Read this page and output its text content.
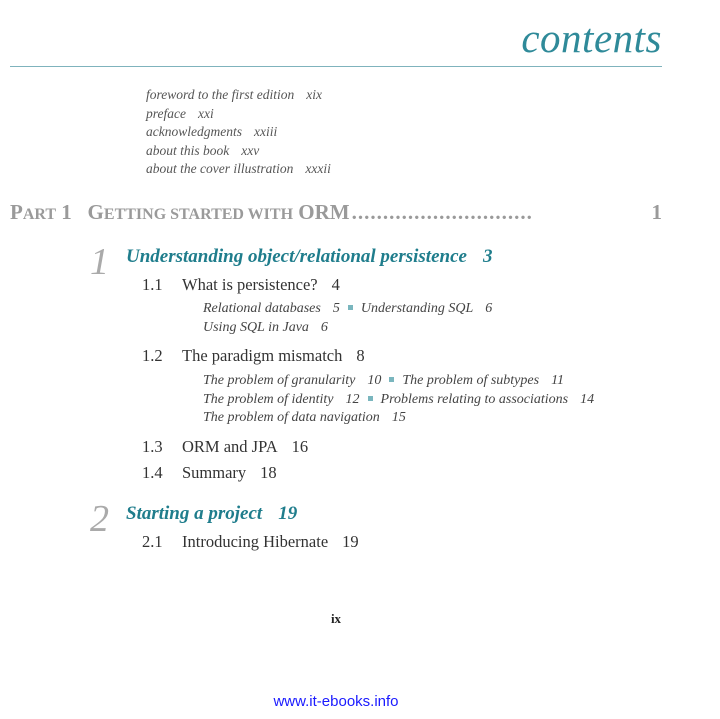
contents
foreword to the first edition xix
preface xxi
acknowledgments xxiii
about this book xxv
about the cover illustration xxxii
PART 1 GETTING STARTED WITH ORM .............................	1
1 Understanding object/relational persistence 3
1.1 What is persistence? 4
Relational databases 5 Understanding SQL 6
Using SQL in Java 6
1.2 The paradigm mismatch 8
The problem of granularity 10 The problem of subtypes 11
The problem of identity 12 Problems relating to associations 14
The problem of data navigation 15
1.3 ORM and JPA 16
1.4 Summary 18
2 Starting a project 19
2.1 Introducing Hibernate 19
ix
www.it-ebooks.info
